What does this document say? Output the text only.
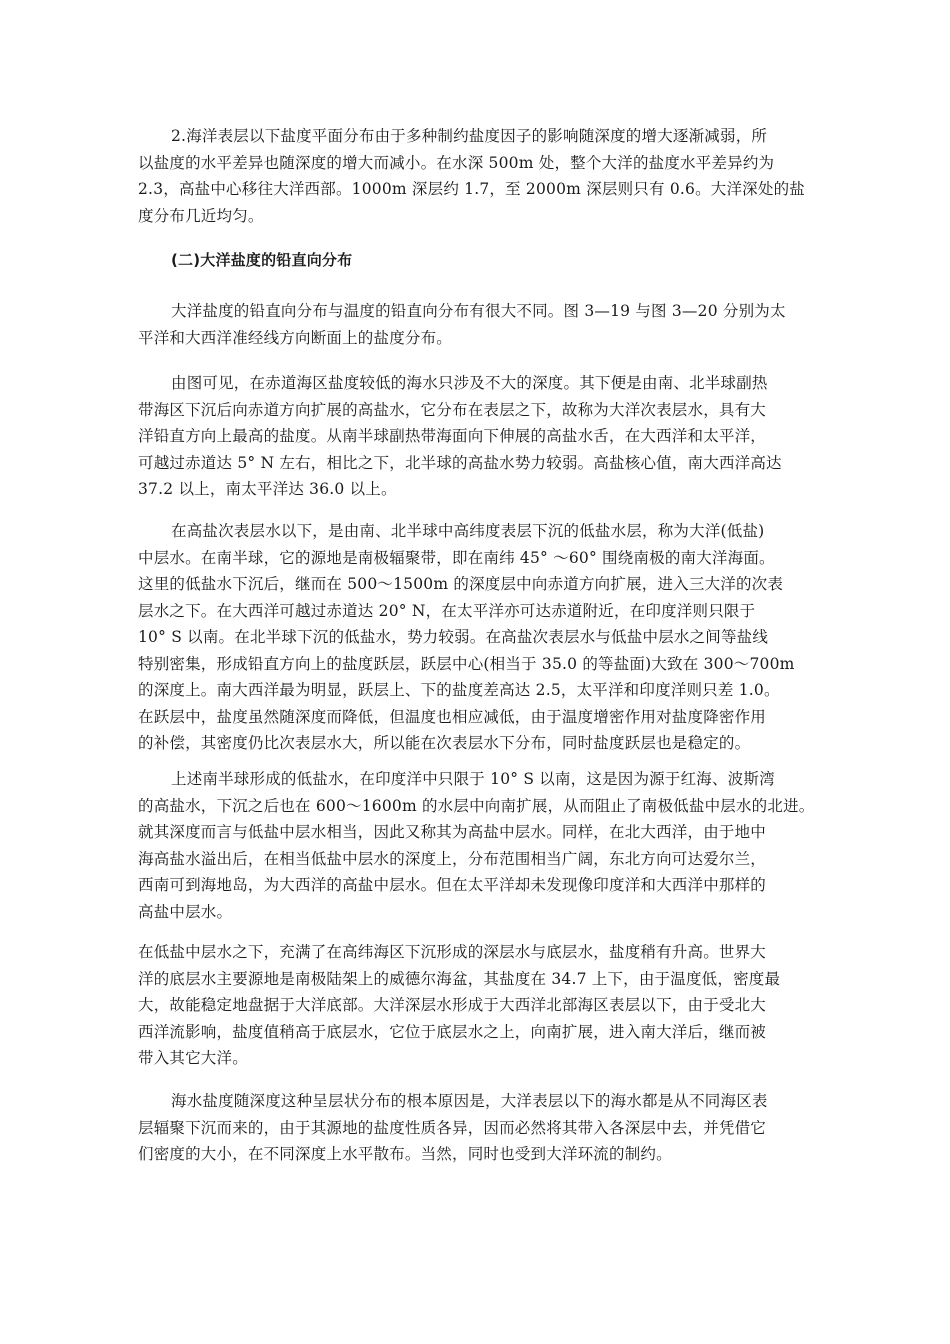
2.海洋表层以下盐度平面分布由于多种制约盐度因子的影响随深度的增大逐渐减弱，所
以盐度的水平差异也随深度的增大而减小。在水深 500m 处，整个大洋的盐度水平差异约为
2.3，高盐中心移往大洋西部。1000m 深层约 1.7，至 2000m 深层则只有 0.6。大洋深处的盐
度分布几近均匀。
(二)大洋盐度的铅直向分布
大洋盐度的铅直向分布与温度的铅直向分布有很大不同。图 3—19 与图 3—20 分别为太
平洋和大西洋准经线方向断面上的盐度分布。
由图可见，在赤道海区盐度较低的海水只涉及不大的深度。其下便是由南、北半球副热
带海区下沉后向赤道方向扩展的高盐水，它分布在表层之下，故称为大洋次表层水，具有大
洋铅直方向上最高的盐度。从南半球副热带海面向下伸展的高盐水舌，在大西洋和太平洋，
可越过赤道达 5° N 左右，相比之下，北半球的高盐水势力较弱。高盐核心值，南大西洋高达
37.2 以上，南太平洋达 36.0 以上。
在高盐次表层水以下，是由南、北半球中高纬度表层下沉的低盐水层，称为大洋(低盐)
中层水。在南半球，它的源地是南极辐聚带，即在南纬 45° ～60° 围绕南极的南大洋海面。
这里的低盐水下沉后，继而在 500～1500m 的深度层中向赤道方向扩展，进入三大洋的次表
层水之下。在大西洋可越过赤道达 20° N，在太平洋亦可达赤道附近，在印度洋则只限于
10° S 以南。在北半球下沉的低盐水，势力较弱。在高盐次表层水与低盐中层水之间等盐线
特别密集，形成铅直方向上的盐度跃层，跃层中心(相当于 35.0 的等盐面)大致在 300～700m
的深度上。南大西洋最为明显，跃层上、下的盐度差高达 2.5，太平洋和印度洋则只差 1.0。
在跃层中，盐度虽然随深度而降低，但温度也相应减低，由于温度增密作用对盐度降密作用
的补偿，其密度仍比次表层水大，所以能在次表层水下分布，同时盐度跃层也是稳定的。
上述南半球形成的低盐水，在印度洋中只限于 10° S 以南，这是因为源于红海、波斯湾
的高盐水，下沉之后也在 600～1600m 的水层中向南扩展，从而阻止了南极低盐中层水的北进。
就其深度而言与低盐中层水相当，因此又称其为高盐中层水。同样，在北大西洋，由于地中
海高盐水溢出后，在相当低盐中层水的深度上，分布范围相当广阔，东北方向可达爱尔兰，
西南可到海地岛，为大西洋的高盐中层水。但在太平洋却未发现像印度洋和大西洋中那样的
高盐中层水。
在低盐中层水之下，充满了在高纬海区下沉形成的深层水与底层水，盐度稍有升高。世界大
洋的底层水主要源地是南极陆架上的威德尔海盆，其盐度在 34.7 上下，由于温度低，密度最
大，故能稳定地盘据于大洋底部。大洋深层水形成于大西洋北部海区表层以下，由于受北大
西洋流影响，盐度值稍高于底层水，它位于底层水之上，向南扩展，进入南大洋后，继而被
带入其它大洋。
海水盐度随深度这种呈层状分布的根本原因是，大洋表层以下的海水都是从不同海区表
层辐聚下沉而来的，由于其源地的盐度性质各异，因而必然将其带入各深层中去，并凭借它
们密度的大小，在不同深度上水平散布。当然，同时也受到大洋环流的制约。
